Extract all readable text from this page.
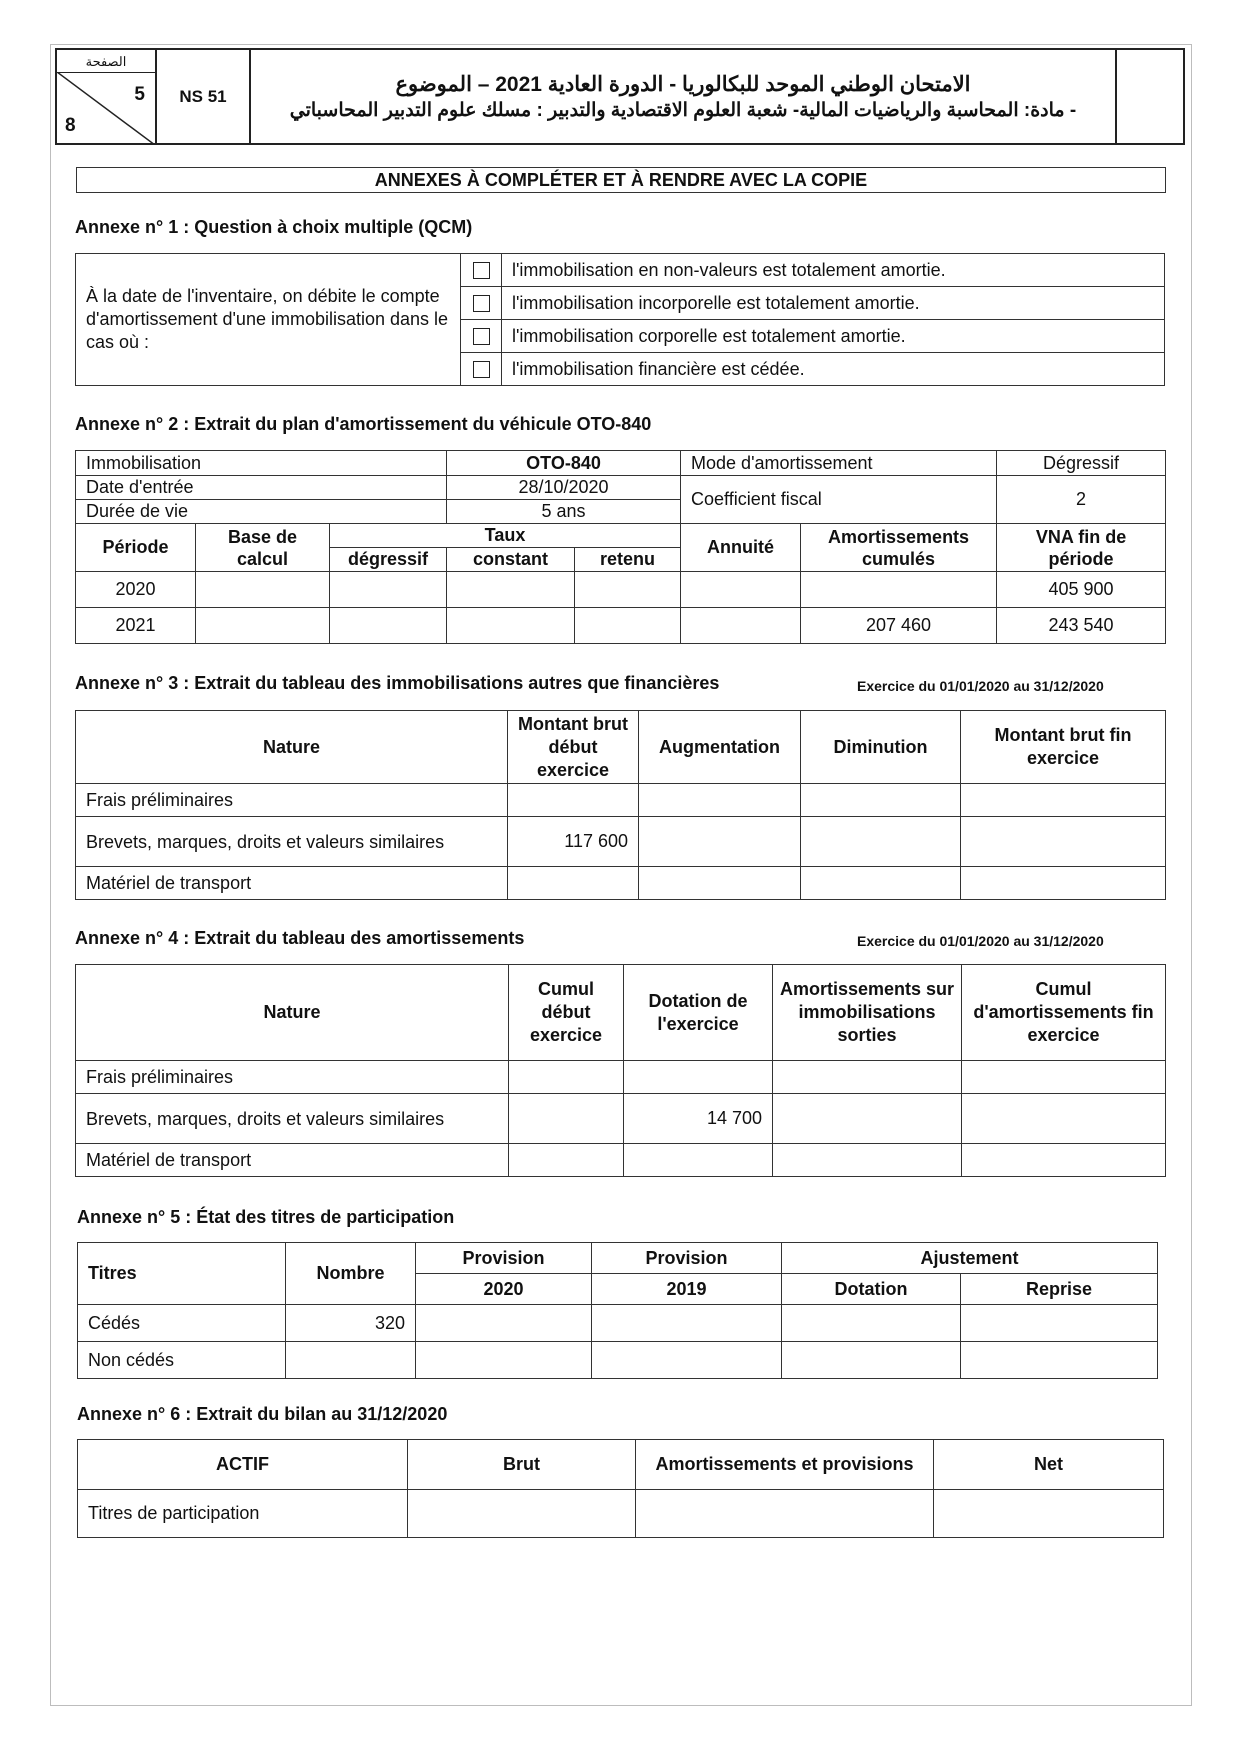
الصفحة
5
8
	NS 51	
الامتحان الوطني الموحد للبكالوريا - الدورة العادية 2021 – الموضوع
- مادة: المحاسبة والرياضيات المالية- شعبة العلوم الاقتصادية والتدبير : مسلك علوم التدبير المحاسباتي

ANNEXES À COMPLÉTER ET À RENDRE AVEC LA COPIE
Annexe n° 1 : Question à choix multiple (QCM)
À la date de l'inventaire, on débite le compte d'amortissement d'une immobilisation dans le cas où :		l'immobilisation en non-valeurs est totalement amortie.
		l'immobilisation incorporelle est totalement amortie.
		l'immobilisation corporelle est totalement amortie.
		l'immobilisation financière est cédée.
Annexe n° 2 : Extrait du plan d'amortissement du véhicule OTO-840
Immobilisation			OTO-840		Mode d'amortissement		Dégressif
Date d'entrée			28/10/2020		Coefficient fiscal		2
Durée de vie			5 ans				
Période	Base de calcul	Taux			Annuité	Amortissements cumulés	VNA fin de période
		dégressif	constant	retenu			
2020							405 900
2021						207 460	243 540
Annexe n° 3 : Extrait du tableau des immobilisations autres que financières	Exercice du 01/01/2020 au 31/12/2020
Nature	Montant brut début exercice	Augmentation	Diminution	Montant brut fin exercice
Frais préliminaires				
Brevets, marques, droits et valeurs similaires	117 600			
Matériel de transport				
Annexe n° 4 : Extrait du tableau des amortissements	Exercice du 01/01/2020 au 31/12/2020
Nature	Cumul début exercice	Dotation de l'exercice	Amortissements sur immobilisations sorties	Cumul d'amortissements fin exercice
Frais préliminaires				
Brevets, marques, droits et valeurs similaires		14 700		
Matériel de transport				
Annexe n° 5 : État des titres de participation
Titres	Nombre	Provision	Provision	Ajustement	
		2020	2019	Dotation	Reprise
Cédés	320				
Non cédés					
Annexe n° 6 : Extrait du bilan au 31/12/2020
ACTIF	Brut	Amortissements et provisions	Net
Titres de participation			
